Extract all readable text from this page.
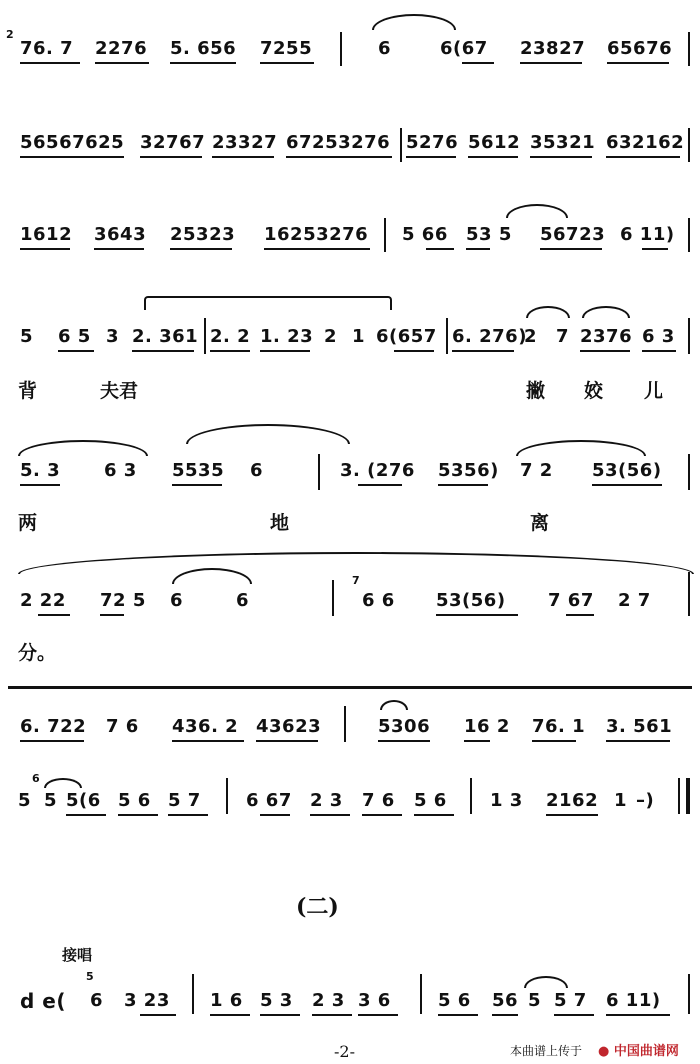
2
76. 7 2276 5. 656 7255	6	6(67 23827 65676
56567625 32767 23327 67253276 5276 5612 35321 632162
1612 3643 25323 16253276 5 66 53 5 56723 6 11)
5 6 5 3 2. 361 2. 2 1. 23 2 1 6(657 6. 276)
2 7 2376 6 3
背	夫君	撇 姣 儿
5. 3 6 3 5535 6	3. (276 5356) 7 2 53(56)
两	地	离
2 22 72 5 6	6
7
6 6 53(56) 7 67 2 7
分。
6. 722 7 6 436. 2 43623	5306 16 2 76. 1 3. 561
6
5 5 5(6 5 6 5 7	6 67 2 3 7 6 5 6 1 3 2162 1 –)
(二)
接唱
d e(
5
6 3 23 1 6 5 3 2 3 3 6	5 6 56 5 5 7 6 11)
-2-	本曲谱上传于 ● 中国曲谱网
